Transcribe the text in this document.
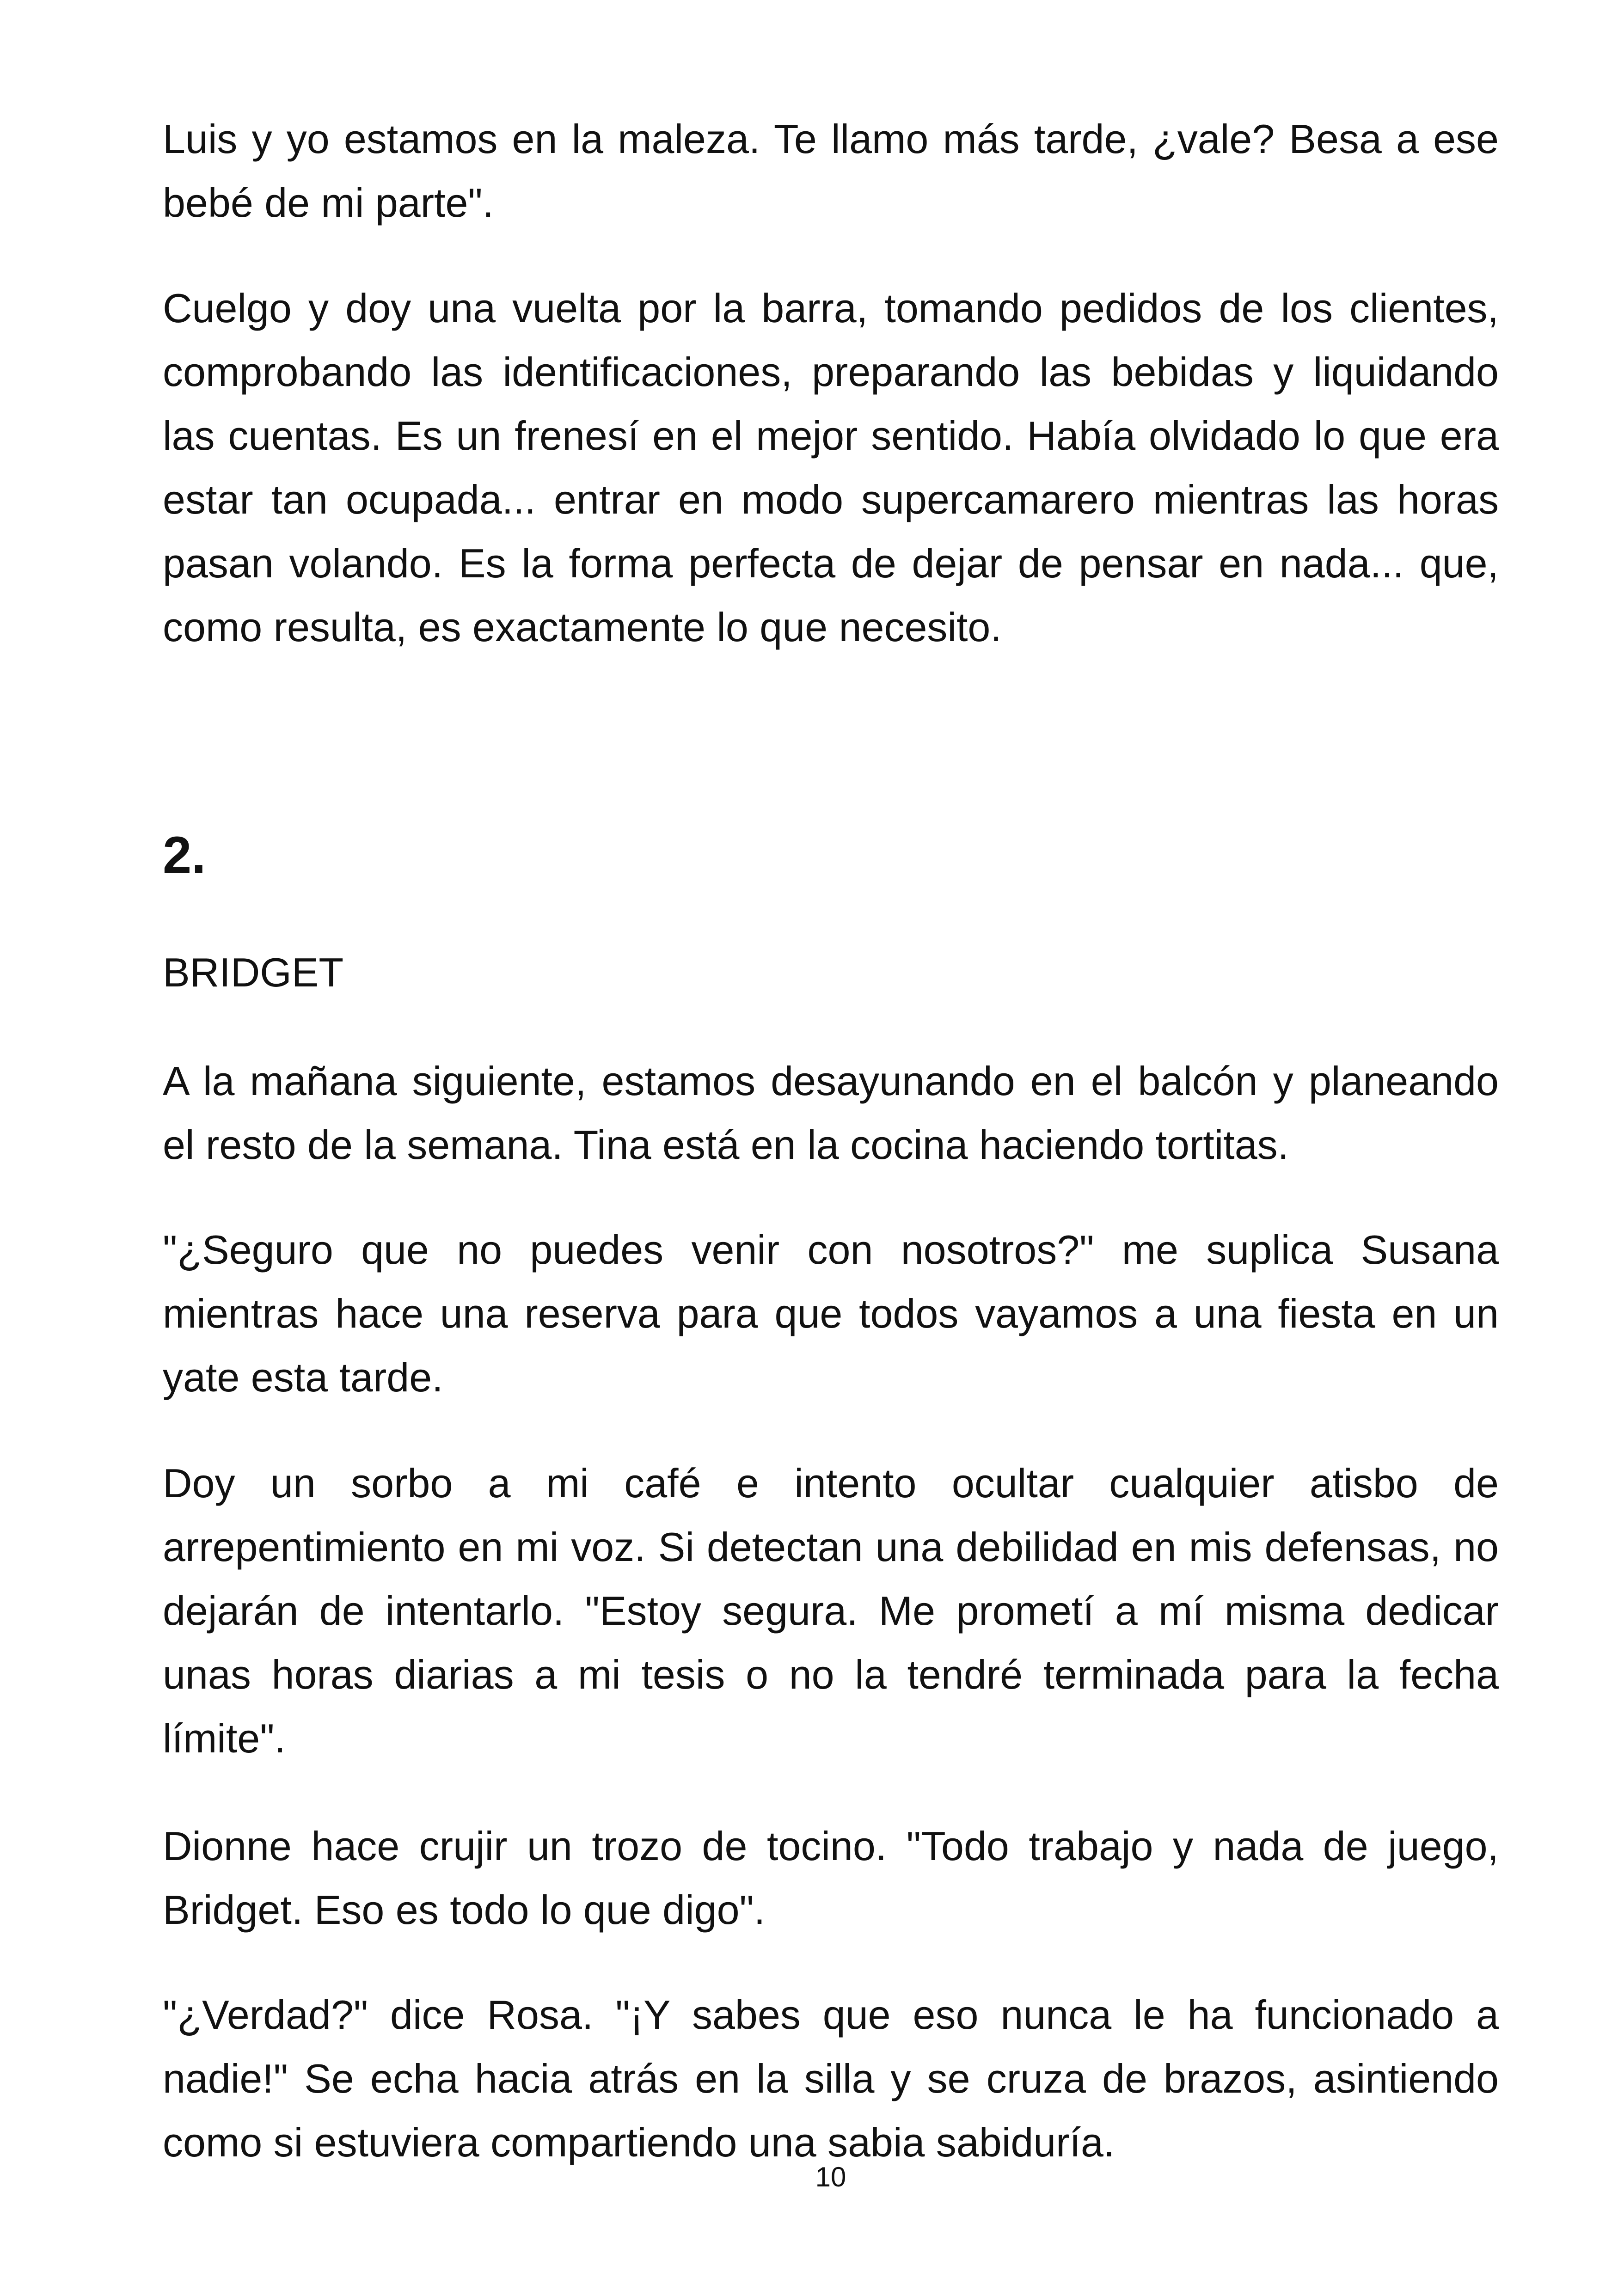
Luis y yo estamos en la maleza. Te llamo más tarde, ¿vale? Besa a ese bebé de mi parte".

Cuelgo y doy una vuelta por la barra, tomando pedidos de los clientes, comprobando las identificaciones, preparando las bebidas y liquidando las cuentas. Es un frenesí en el mejor sentido. Había olvidado lo que era estar tan ocupada... entrar en modo supercamarero mientras las horas pasan volando. Es la forma perfecta de dejar de pensar en nada... que, como resulta, es exactamente lo que necesito.

2.

BRIDGET

A la mañana siguiente, estamos desayunando en el balcón y planeando el resto de la semana. Tina está en la cocina haciendo tortitas.

"¿Seguro que no puedes venir con nosotros?" me suplica Susana mientras hace una reserva para que todos vayamos a una fiesta en un yate esta tarde.

Doy un sorbo a mi café e intento ocultar cualquier atisbo de arrepentimiento en mi voz. Si detectan una debilidad en mis defensas, no dejarán de intentarlo. "Estoy segura. Me prometí a mí misma dedicar unas horas diarias a mi tesis o no la tendré terminada para la fecha límite".

Dionne hace crujir un trozo de tocino. "Todo trabajo y nada de juego, Bridget. Eso es todo lo que digo".

"¿Verdad?" dice Rosa. "¡Y sabes que eso nunca le ha funcionado a nadie!" Se echa hacia atrás en la silla y se cruza de brazos, asintiendo como si estuviera compartiendo una sabia sabiduría.

10
